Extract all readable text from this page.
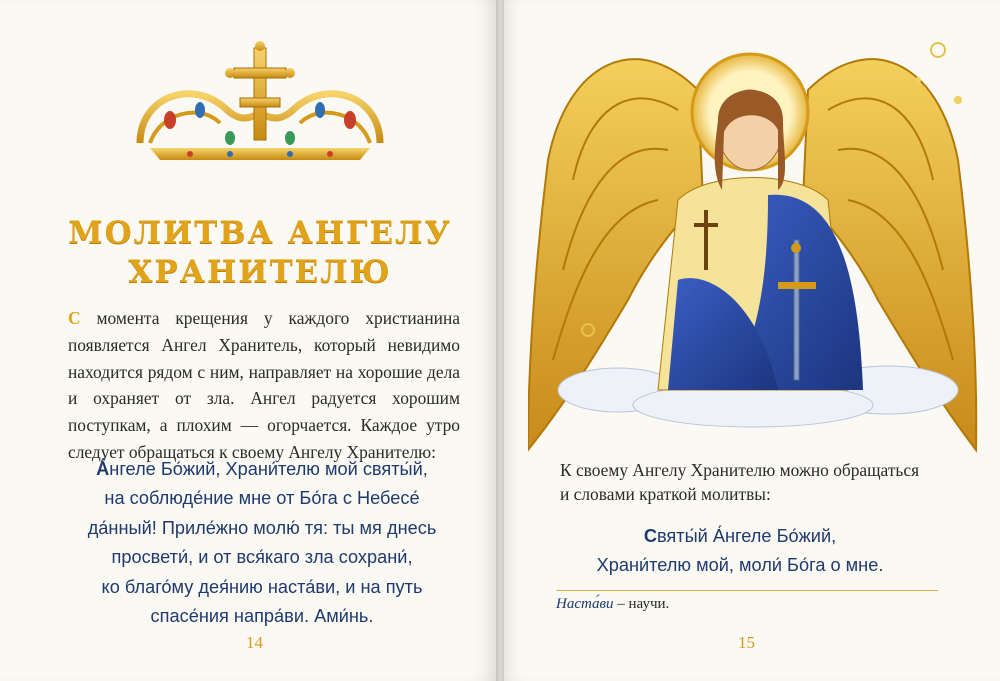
МОЛИТВА АНГЕЛУ
ХРАНИТЕЛЮ
С момента крещения у каждого христианина появляется Ангел Хранитель, который невидимо находится рядом с ним, направляет на хорошие дела и охраняет от зла. Ангел радуется хорошим поступкам, а плохим — огорчается. Каждое утро следует обращаться к своему Ангелу Хранителю:
А́нгеле Бо́жий, Храни́телю мой святы́й,
на соблюде́ние мне от Бо́га с Небесе́
да́нный! Приле́жно молю́ тя: ты мя днесь
просвети́, и от вся́каго зла сохрани́,
ко благо́му дея́нию наста́ви, и на путь
спасе́ния напра́ви. Ами́нь.
14
К своему Ангелу Хранителю можно обращаться
и словами краткой молитвы:
Святы́й А́нгеле Бо́жий,
Храни́телю мой, моли́ Бо́га о мне.
Наста́ви – научи.
15
